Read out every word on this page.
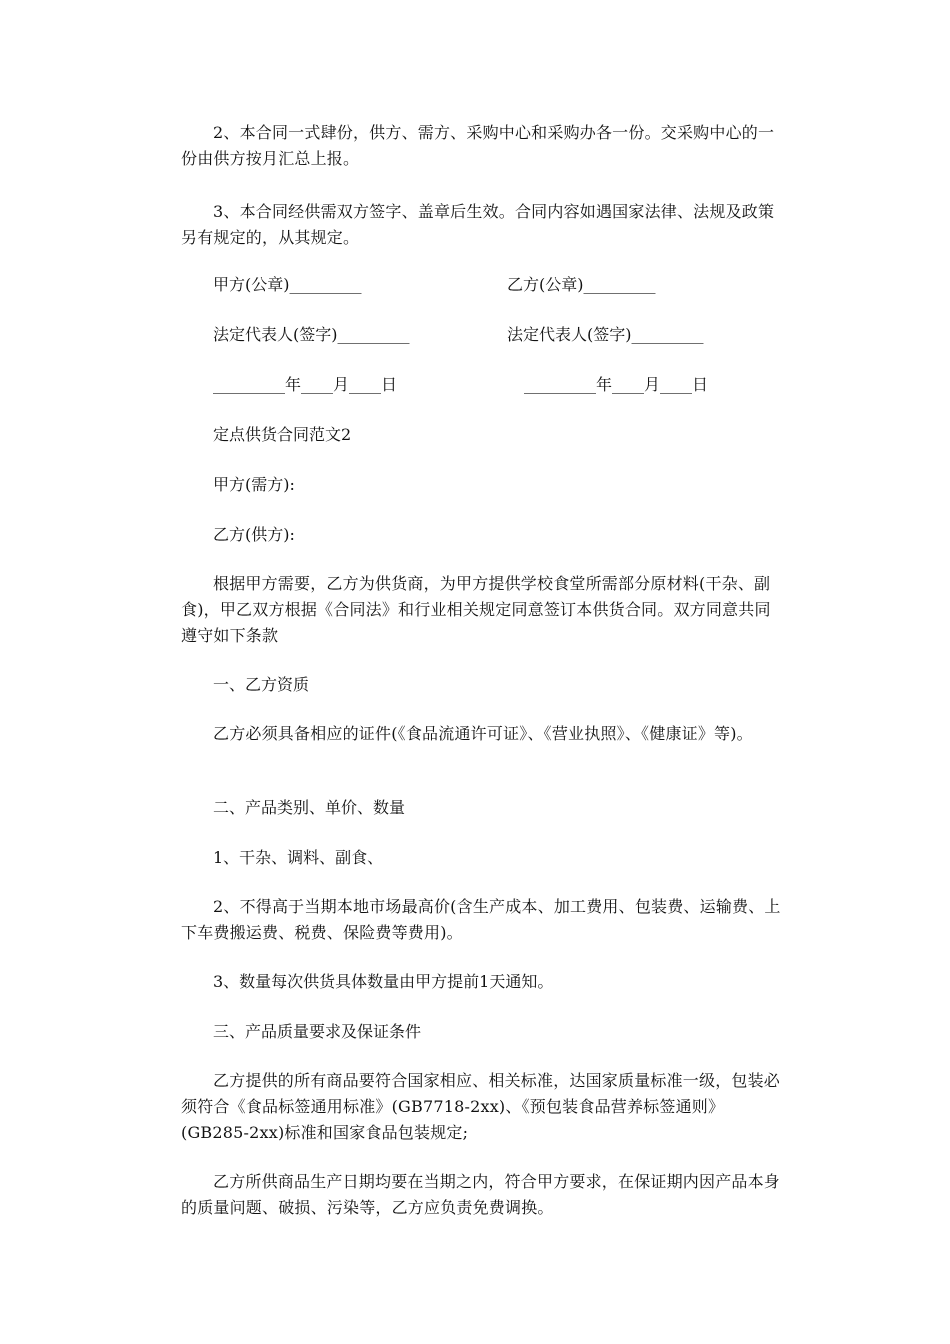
2、本合同一式肆份，供方、需方、采购中心和采购办各一份。交采购中心的一份由供方按月汇总上报。

3、本合同经供需双方签字、盖章后生效。合同内容如遇国家法律、法规及政策另有规定的，从其规定。

甲方(公章)_________	乙方(公章)_________

法定代表人(签字)_________	法定代表人(签字)_________

_________年____月____日	_________年____月____日

定点供货合同范文2

甲方(需方):

乙方(供方):

根据甲方需要，乙方为供货商，为甲方提供学校食堂所需部分原材料(干杂、副食)，甲乙双方根据《合同法》和行业相关规定同意签订本供货合同。双方同意共同遵守如下条款

一、乙方资质

乙方必须具备相应的证件(《食品流通许可证》、《营业执照》、《健康证》等)。

二、产品类别、单价、数量

1、干杂、调料、副食、

2、不得高于当期本地市场最高价(含生产成本、加工费用、包装费、运输费、上下车费搬运费、税费、保险费等费用)。

3、数量每次供货具体数量由甲方提前1天通知。

三、产品质量要求及保证条件

乙方提供的所有商品要符合国家相应、相关标准，达国家质量标准一级，包装必须符合《食品标签通用标准》(GB7718-2xx)、《预包装食品营养标签通则》(GB285-2xx)标准和国家食品包装规定;

乙方所供商品生产日期均要在当期之内，符合甲方要求，在保证期内因产品本身的质量问题、破损、污染等，乙方应负责免费调换。
